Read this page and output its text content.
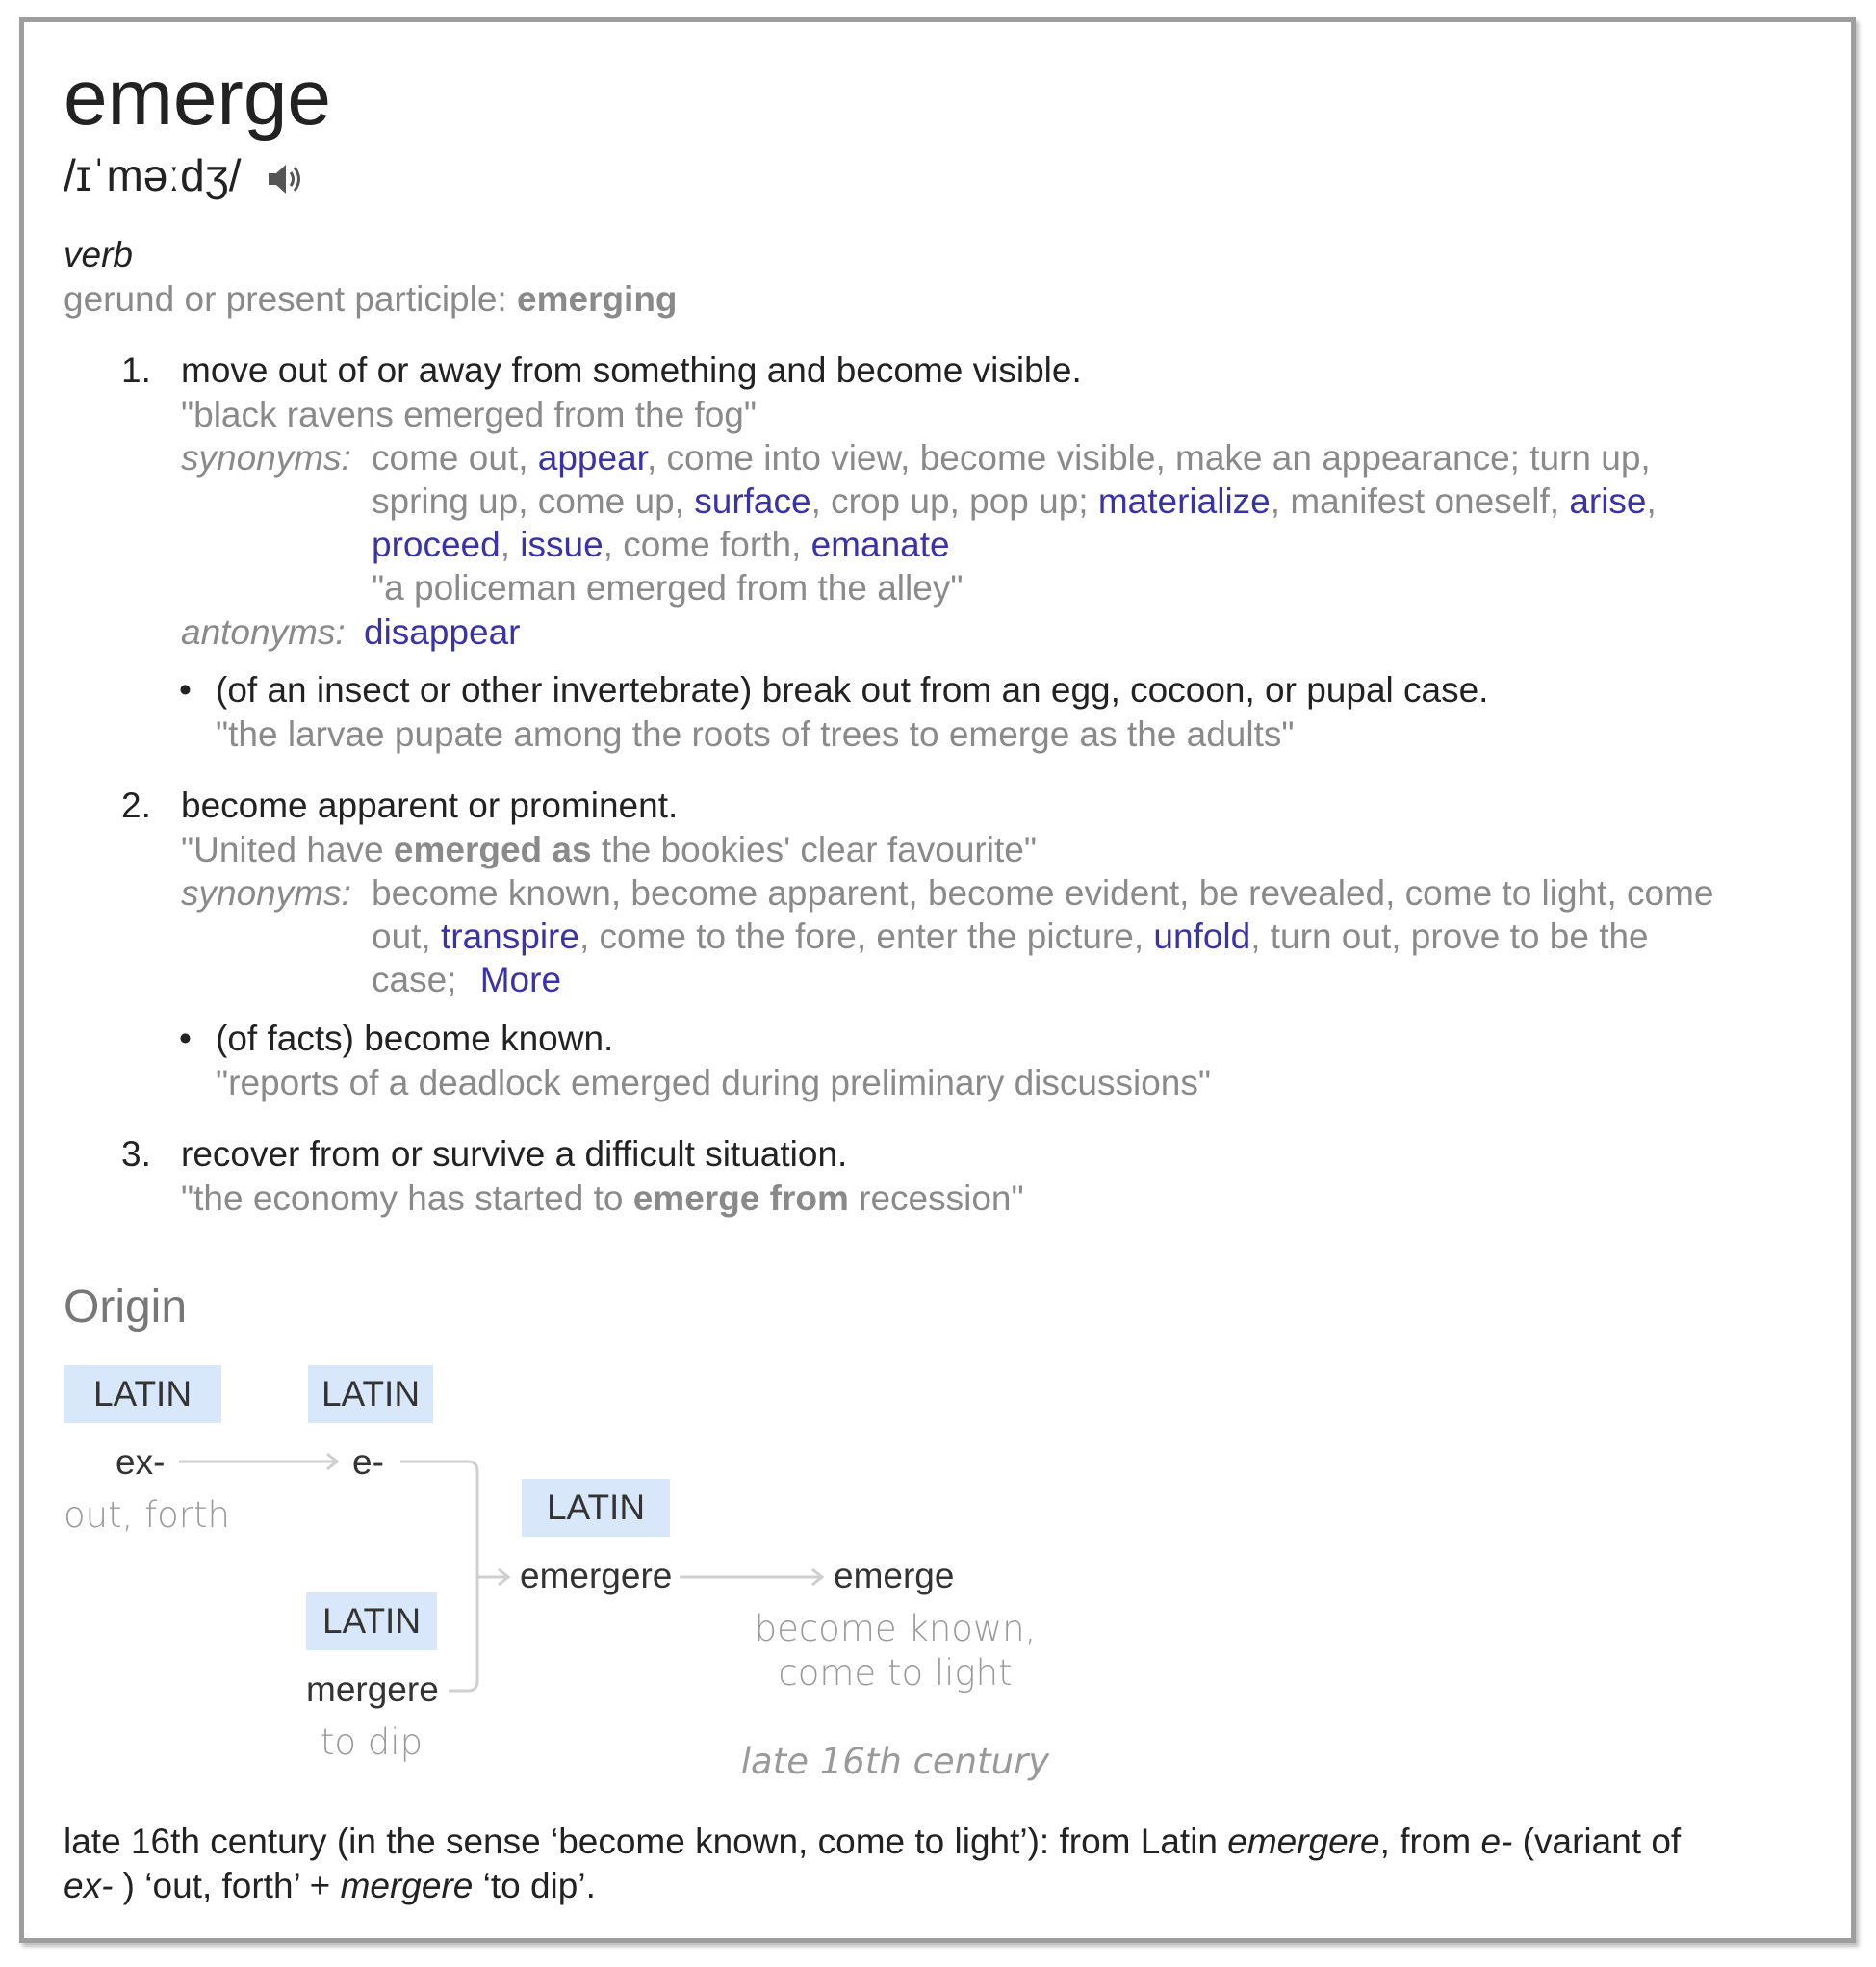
emerge
/ɪˈməːdʒ/
verb
gerund or present participle: emerging
1. move out of or away from something and become visible.
"black ravens emerged from the fog"
synonyms: come out, appear, come into view, become visible, make an appearance; turn up,
spring up, come up, surface, crop up, pop up; materialize, manifest oneself, arise,
proceed, issue, come forth, emanate
"a policeman emerged from the alley"
antonyms: disappear
• (of an insect or other invertebrate) break out from an egg, cocoon, or pupal case.
"the larvae pupate among the roots of trees to emerge as the adults"
2. become apparent or prominent.
"United have emerged as the bookies' clear favourite"
synonyms: become known, become apparent, become evident, be revealed, come to light, come
out, transpire, come to the fore, enter the picture, unfold, turn out, prove to be the
case; More
• (of facts) become known.
"reports of a deadlock emerged during preliminary discussions"
3. recover from or survive a difficult situation.
"the economy has started to emerge from recession"
Origin
LATIN	LATIN
LATIN
LATIN
ex-
out, forth
e-
emergere	emerge
become known,
come to light
mergere
to dip	late 16th century
late 16th century (in the sense ‘become known, come to light’): from Latin emergere, from e- (variant of
ex- ) ‘out, forth’ + mergere ‘to dip’.
